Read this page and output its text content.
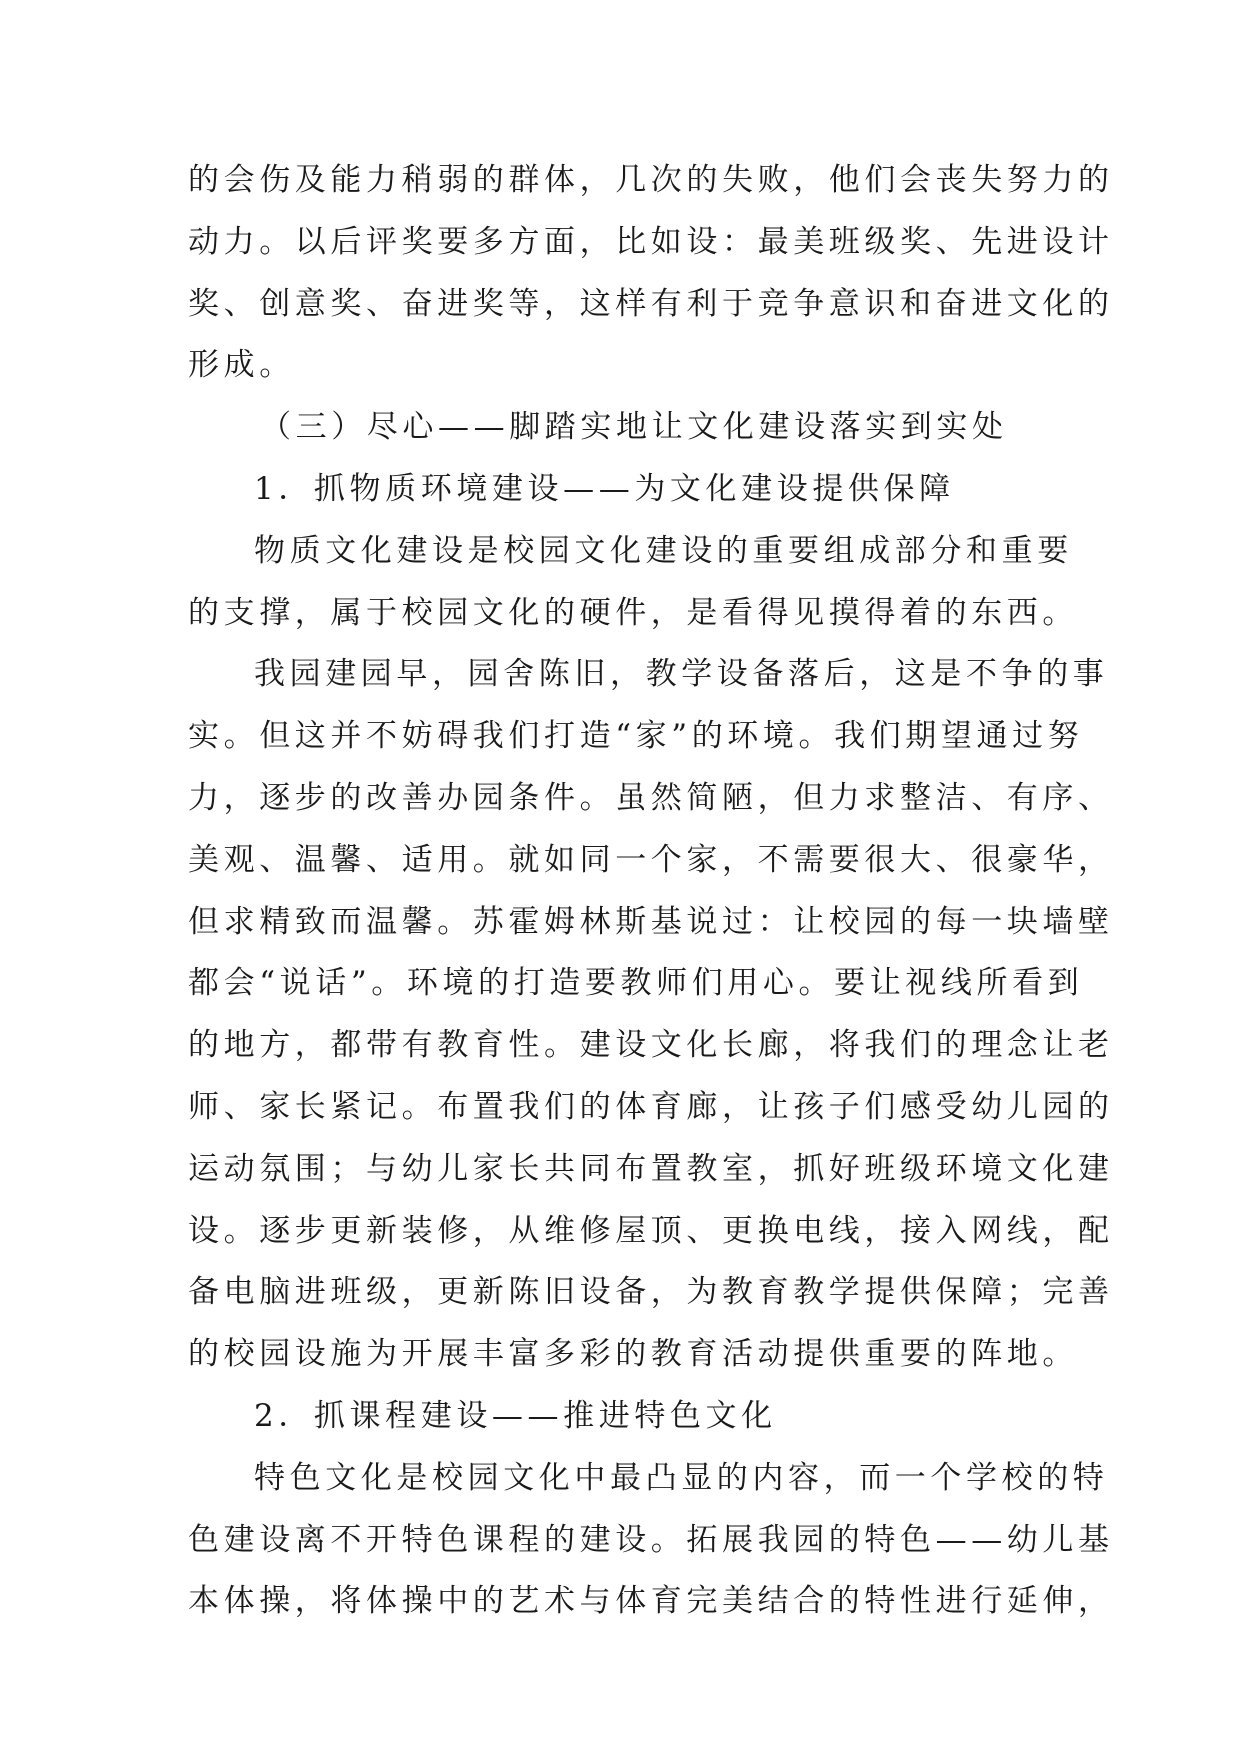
的会伤及能力稍弱的群体，几次的失败，他们会丧失努力的
动力。以后评奖要多方面，比如设：最美班级奖、先进设计
奖、创意奖、奋进奖等，这样有利于竞争意识和奋进文化的
形成。
（三）尽心——脚踏实地让文化建设落实到实处
1．抓物质环境建设——为文化建设提供保障
物质文化建设是校园文化建设的重要组成部分和重要
的支撑，属于校园文化的硬件，是看得见摸得着的东西。
我园建园早，园舍陈旧，教学设备落后，这是不争的事
实。但这并不妨碍我们打造“家”的环境。我们期望通过努
力，逐步的改善办园条件。虽然简陋，但力求整洁、有序、
美观、温馨、适用。就如同一个家，不需要很大、很豪华，
但求精致而温馨。苏霍姆林斯基说过：让校园的每一块墙壁
都会“说话”。环境的打造要教师们用心。要让视线所看到
的地方，都带有教育性。建设文化长廊，将我们的理念让老
师、家长紧记。布置我们的体育廊，让孩子们感受幼儿园的
运动氛围；与幼儿家长共同布置教室，抓好班级环境文化建
设。逐步更新装修，从维修屋顶、更换电线，接入网线，配
备电脑进班级，更新陈旧设备，为教育教学提供保障；完善
的校园设施为开展丰富多彩的教育活动提供重要的阵地。
2．抓课程建设——推进特色文化
特色文化是校园文化中最凸显的内容，而一个学校的特
色建设离不开特色课程的建设。拓展我园的特色——幼儿基
本体操，将体操中的艺术与体育完美结合的特性进行延伸，
